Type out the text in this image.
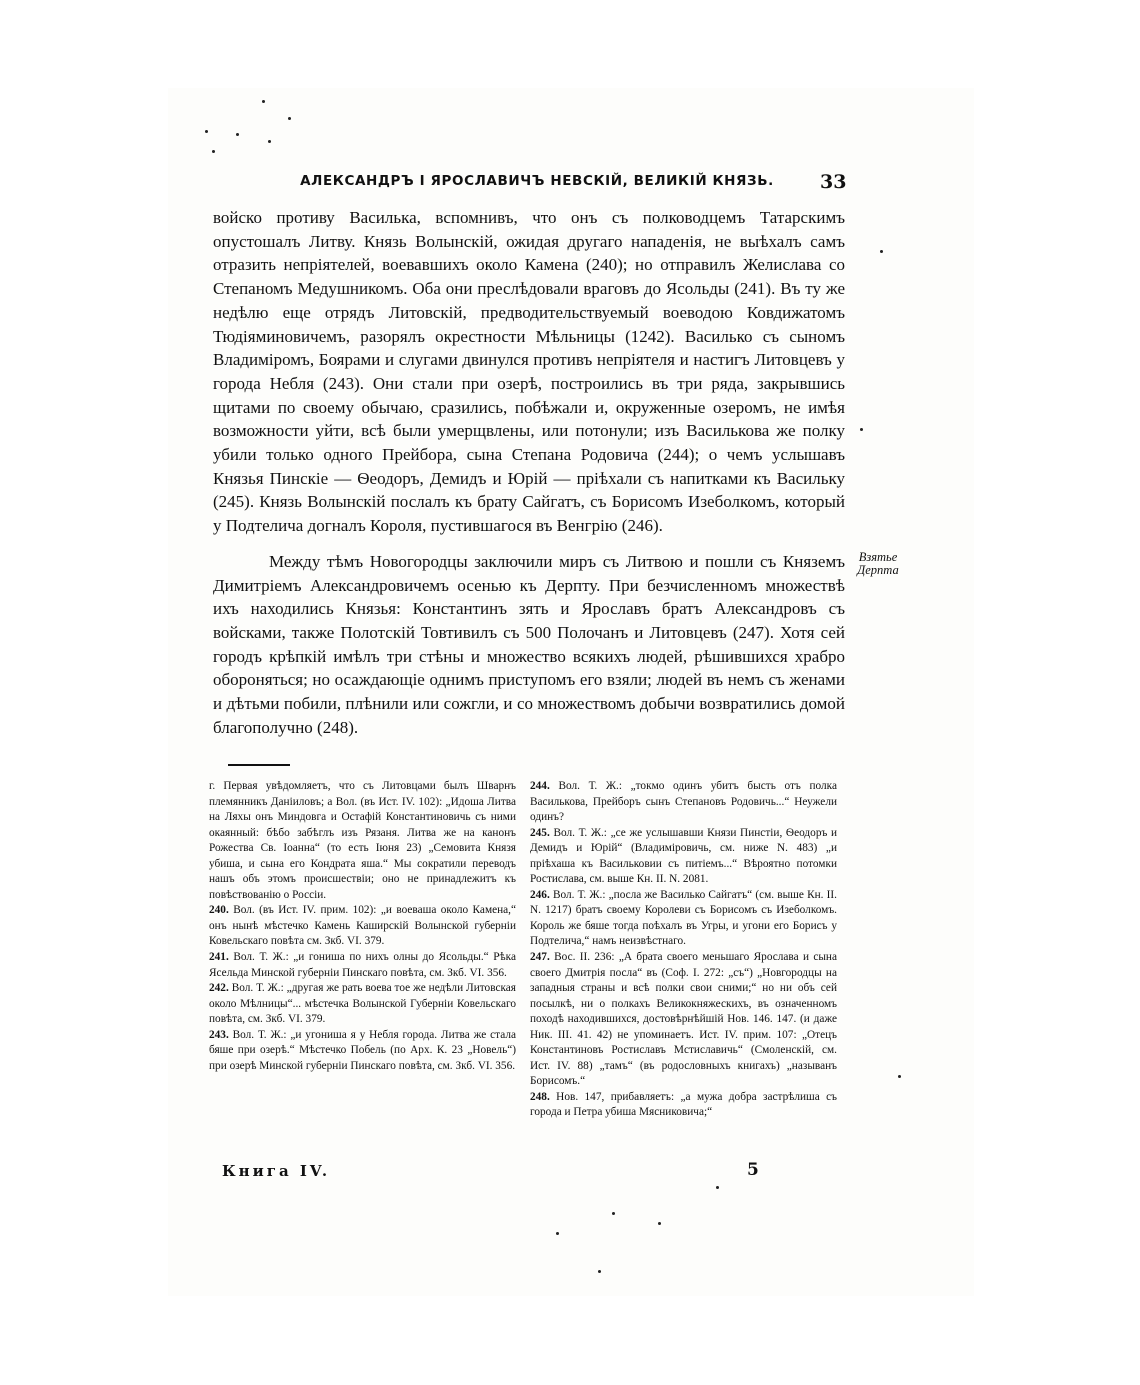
АЛЕКСАНДРЪ I ЯРОСЛАВИЧЪ НЕВСКІЙ, ВЕЛИКІЙ КНЯЗЬ.	33

войско противу Василька, вспомнивъ, что онъ съ полководцемъ Татарскимъ опустошалъ Литву. Князь Волынскій, ожидая другаго нападенія, не выѣхалъ самъ отразить непріятелей, воевавшихъ около Камена (240); но отправилъ Желислава со Степаномъ Медушникомъ. Оба они преслѣдовали враговъ до Ясольды (241). Въ ту же недѣлю еще отрядъ Литовскій, предводительствуемый воеводою Ковдижатомъ Тюдіяминовичемъ, разорялъ окрестности Мѣльницы (1242). Василько съ сыномъ Владиміромъ, Боярами и слугами двинулся противъ непріятеля и настигъ Литовцевъ у города Небля (243). Они стали при озерѣ, построились въ три ряда, закрывшись щитами по своему обычаю, сразились, побѣжали и, окруженные озеромъ, не имѣя возможности уйти, всѣ были умерщвлены, или потонули; изъ Василькова же полку убили только одного Прейбора, сына Степана Родовича (244); о чемъ услышавъ Князья Пинскіе — Ѳеодоръ, Демидъ и Юрій — пріѣхали съ напитками къ Васильку (245). Князь Волынскій послалъ къ брату Сайгатъ, съ Борисомъ Изеболкомъ, который у Подтелича догналъ Короля, пустившагося въ Венгрію (246).

Между тѣмъ Новогородцы заключили миръ съ Литвою и пошли съ Княземъ Димитріемъ Александровичемъ осенью къ Дерпту. При безчисленномъ множествѣ ихъ находились Князья: Константинъ зять и Ярославъ братъ Александровъ съ войсками, также Полотскій Товтивилъ съ 500 Полочанъ и Литовцевъ (247). Хотя сей городъ крѣпкій имѣлъ три стѣны и множество всякихъ людей, рѣшившихся храбро обороняться; но осаждающіе однимъ приступомъ его взяли; людей въ немъ съ женами и дѣтьми побили, плѣнили или сожгли, и со множествомъ добычи возвратились домой благополучно (248).

Взятье Дерпта

г. Первая увѣдомляетъ, что съ Литовцами былъ Шварнъ племянникъ Даніиловъ; а Вол. (въ Ист. IV. 102): „Идоша Литва на Ляхы онъ Миндовга и Остафій Константиновичь съ ними окаянный: бѣбо забѣглъ изъ Рязаня. Литва же на канонъ Рожества Св. Іоанна“ (то есть Іюня 23) „Семовита Князя убиша, и сына его Кондрата яша.“ Мы сократили переводъ нашъ объ этомъ происшествіи; оно не принадлежитъ къ повѣствованію о Россіи.

240. Вол. (въ Ист. IV. прим. 102): „и воеваша около Камена,“ онъ нынѣ мѣстечко Камень Каширскій Волынской губерніи Ковельскаго повѣта см. Зкб. VI. 379.

241. Вол. Т. Ж.: „и гониша по нихъ олны до Ясольды.“ Рѣка Ясельда Минской губерніи Пинскаго повѣта, см. Зкб. VI. 356.

242. Вол. Т. Ж.: „другая же рать воева тое же недѣли Литовская около Мѣлницы“... мѣстечка Волынской Губерніи Ковельскаго повѣта, см. Зкб. VI. 379.

243. Вол. Т. Ж.: „и угониша я у Небля города. Литва же стала бяше при озерѣ.“ Мѣстечко Побель (по Арх. К. 23 „Новель“) при озерѣ Минской губерніи Пинскаго повѣта, см. Зкб. VI. 356.

244. Вол. Т. Ж.: „токмо одинъ убитъ бысть отъ полка Василькова, Прейборъ сынъ Степановъ Родовичь...“ Неужели одинъ?

245. Вол. Т. Ж.: „се же услышавши Князи Пинстіи, Ѳеодоръ и Демидъ и Юрій“ (Владиміровичь, см. ниже N. 483) „и пріѣхаша къ Васильковии съ питіемъ...“ Вѣроятно потомки Ростислава, см. выше Кн. II. N. 2081.

246. Вол. Т. Ж.: „посла же Василько Сайгатъ“ (см. выше Кн. II. N. 1217) братъ своему Королеви съ Борисомъ съ Изеболкомъ. Король же бяше тогда поѣхалъ въ Угры, и угони его Борисъ у Подтелича,“ намъ неизвѣстнаго.

247. Вос. II. 236: „А брата своего меньшаго Ярослава и сына своего Дмитрія посла“ въ (Соф. I. 272: „съ“) „Новгородцы на западныя страны и всѣ полки свои сними;“ но ни объ сей посылкѣ, ни о полкахъ Великокняжескихъ, въ означенномъ походѣ находившихся, достовѣрнѣйшій Нов. 146. 147. (и даже Ник. III. 41. 42) не упоминаетъ. Ист. IV. прим. 107: „Отецъ Константиновъ Ростиславъ Мстиславичь“ (Смоленскій, см. Ист. IV. 88) „тамъ“ (въ родословныхъ книгахъ) „называнъ Борисомъ.“

248. Нов. 147, прибавляетъ: „а мужа добра застрѣлиша съ города и Петра убиша Мясниковича;“

Книга IV.	5
